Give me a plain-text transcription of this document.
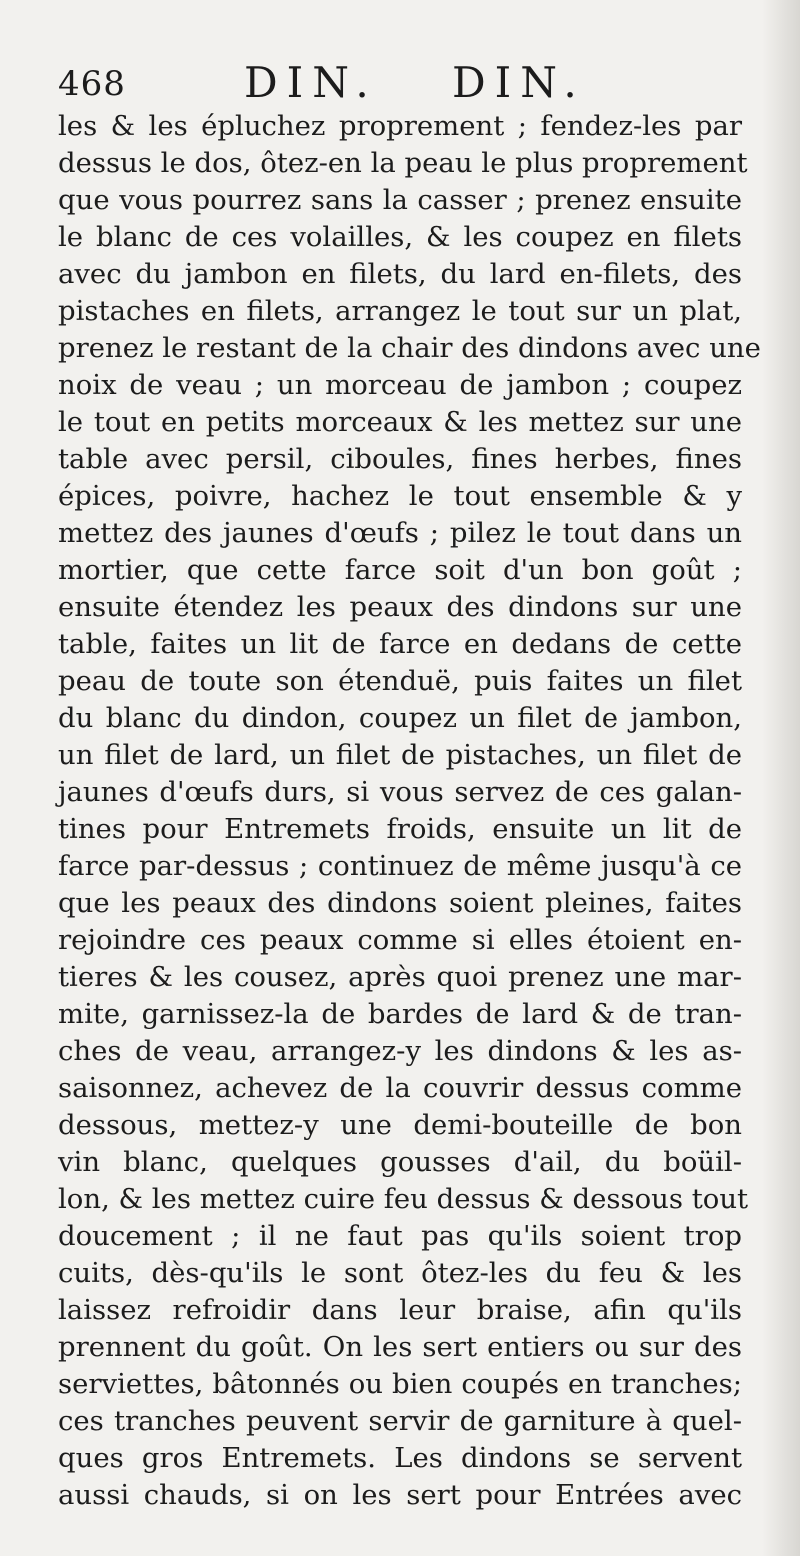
468	DIN. DIN.
les & les épluchez proprement ; fendez-les par
dessus le dos, ôtez-en la peau le plus proprement
que vous pourrez sans la casser ; prenez ensuite
le blanc de ces volailles, & les coupez en filets
avec du jambon en filets, du lard en-filets, des
pistaches en filets, arrangez le tout sur un plat,
prenez le restant de la chair des dindons avec une
noix de veau ; un morceau de jambon ; coupez
le tout en petits morceaux & les mettez sur une
table avec persil, ciboules, fines herbes, fines
épices, poivre, hachez le tout ensemble & y
mettez des jaunes d'œufs ; pilez le tout dans un
mortier, que cette farce soit d'un bon goût ;
ensuite étendez les peaux des dindons sur une
table, faites un lit de farce en dedans de cette
peau de toute son étenduë, puis faites un filet
du blanc du dindon, coupez un filet de jambon,
un filet de lard, un filet de pistaches, un filet de
jaunes d'œufs durs, si vous servez de ces galan-
tines pour Entremets froids, ensuite un lit de
farce par-dessus ; continuez de même jusqu'à ce
que les peaux des dindons soient pleines, faites
rejoindre ces peaux comme si elles étoient en-
tieres & les cousez, après quoi prenez une mar-
mite, garnissez-la de bardes de lard & de tran-
ches de veau, arrangez-y les dindons & les as-
saisonnez, achevez de la couvrir dessus comme
dessous, mettez-y une demi-bouteille de bon
vin blanc, quelques gousses d'ail, du boüil-
lon, & les mettez cuire feu dessus & dessous tout
doucement ; il ne faut pas qu'ils soient trop
cuits, dès-qu'ils le sont ôtez-les du feu & les
laissez refroidir dans leur braise, afin qu'ils
prennent du goût. On les sert entiers ou sur des
serviettes, bâtonnés ou bien coupés en tranches;
ces tranches peuvent servir de garniture à quel-
ques gros Entremets. Les dindons se servent
aussi chauds, si on les sert pour Entrées avec
